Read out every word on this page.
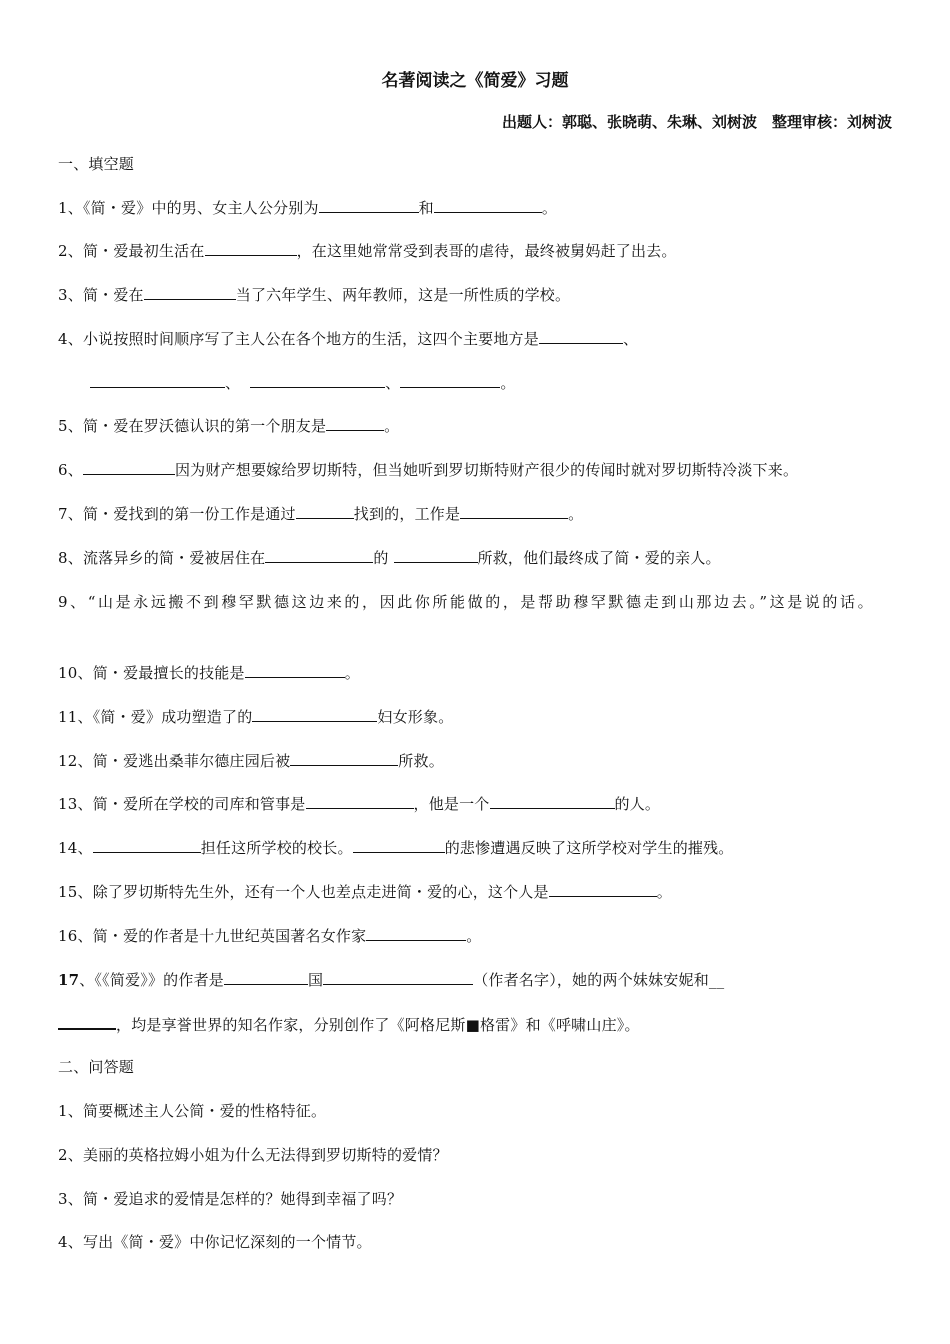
名著阅读之《简爱》习题
出题人：郭聪、张晓萌、朱琳、刘树波　整理审核：刘树波
一、填空题
1、《简・爱》中的男、女主人公分别为	和	。
2、简・爱最初生活在	，在这里她常常受到表哥的虐待，最终被舅妈赶了出去。
3、简・爱在	当了六年学生、两年教师，这是一所性质的学校。
4、小说按照时间顺序写了主人公在各个地方的生活，这四个主要地方是	、
、	、	。
5、简・爱在罗沃德认识的第一个朋友是	。
6、	因为财产想要嫁给罗切斯特，但当她听到罗切斯特财产很少的传闻时就对罗切斯特冷淡下来。
7、简・爱找到的第一份工作是通过	找到的，工作是	。
8、流落异乡的简・爱被居住在	的	所救，他们最终成了简・爱的亲人。
9、“山是永远搬不到穆罕默德这边来的，因此你所能做的，是帮助穆罕默德走到山那边去。”这是说的话。
10、简・爱最擅长的技能是	。
11、《简・爱》成功塑造了的	妇女形象。
12、简・爱逃出桑菲尔德庄园后被	所救。
13、简・爱所在学校的司库和管事是	，他是一个	的人。
14、	担任这所学校的校长。	的悲惨遭遇反映了这所学校对学生的摧残。
15、除了罗切斯特先生外，还有一个人也差点走进简・爱的心，这个人是	。
16、简・爱的作者是十九世纪英国著名女作家	。
17、《《简爱》》的作者是	国	（作者名字），她的两个妹妹安妮和__
，均是享誉世界的知名作家，分别创作了《阿格尼斯■格雷》和《呼啸山庄》。
二、问答题
1、简要概述主人公简・爱的性格特征。
2、美丽的英格拉姆小姐为什么无法得到罗切斯特的爱情？
3、简・爱追求的爱情是怎样的？她得到幸福了吗？
4、写出《简・爱》中你记忆深刻的一个情节。
